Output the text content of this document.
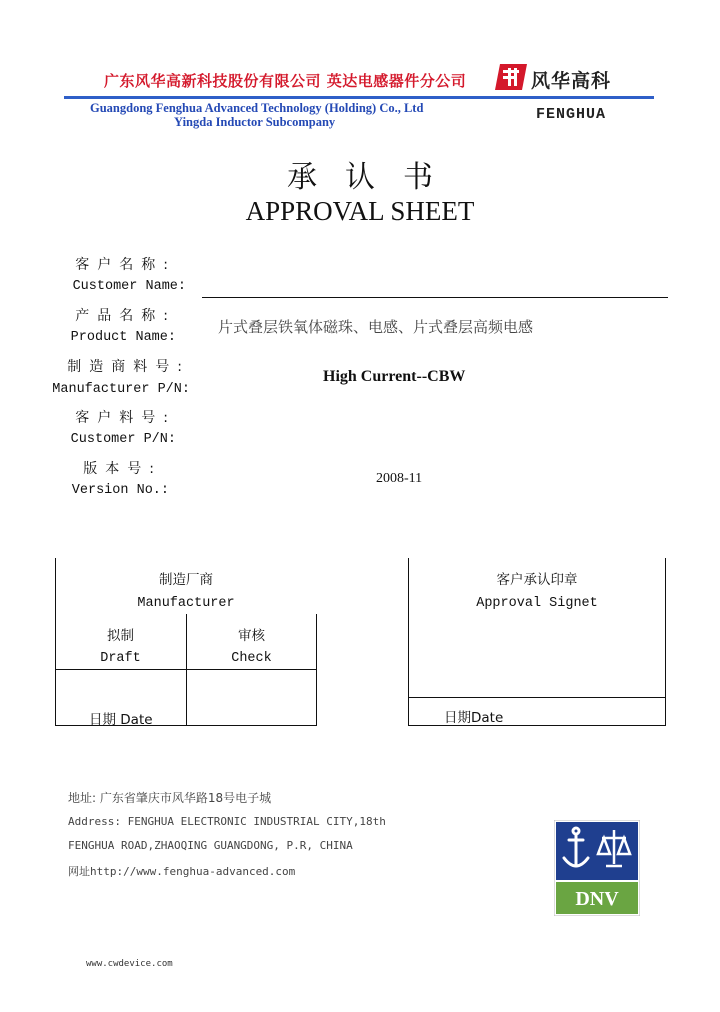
广东风华高新科技股份有限公司 英达电感器件分公司
Guangdong Fenghua Advanced Technology (Holding) Co., Ltd
Yingda Inductor Subcompany
风华高科
FENGHUA
承认书
APPROVAL SHEET
客户名称:
Customer Name:
产品名称:
Product Name:
片式叠层铁氧体磁珠、电感、片式叠层高频电感
制造商料号:
Manufacturer P/N:
High Current--CBW
客户料号:
Customer P/N:
版本号:
Version No.:
2008-11
制造厂商
Manufacturer
拟制
Draft
审核
Check
日期 Date
客户承认印章
Approval Signet
日期Date
地址: 广东省肇庆市风华路18号电子城
Address: FENGHUA ELECTRONIC INDUSTRIAL CITY,18th
FENGHUA ROAD,ZHAOQING GUANGDONG, P.R, CHINA
网址http://www.fenghua-advanced.com
DNV
www.cwdevice.com
